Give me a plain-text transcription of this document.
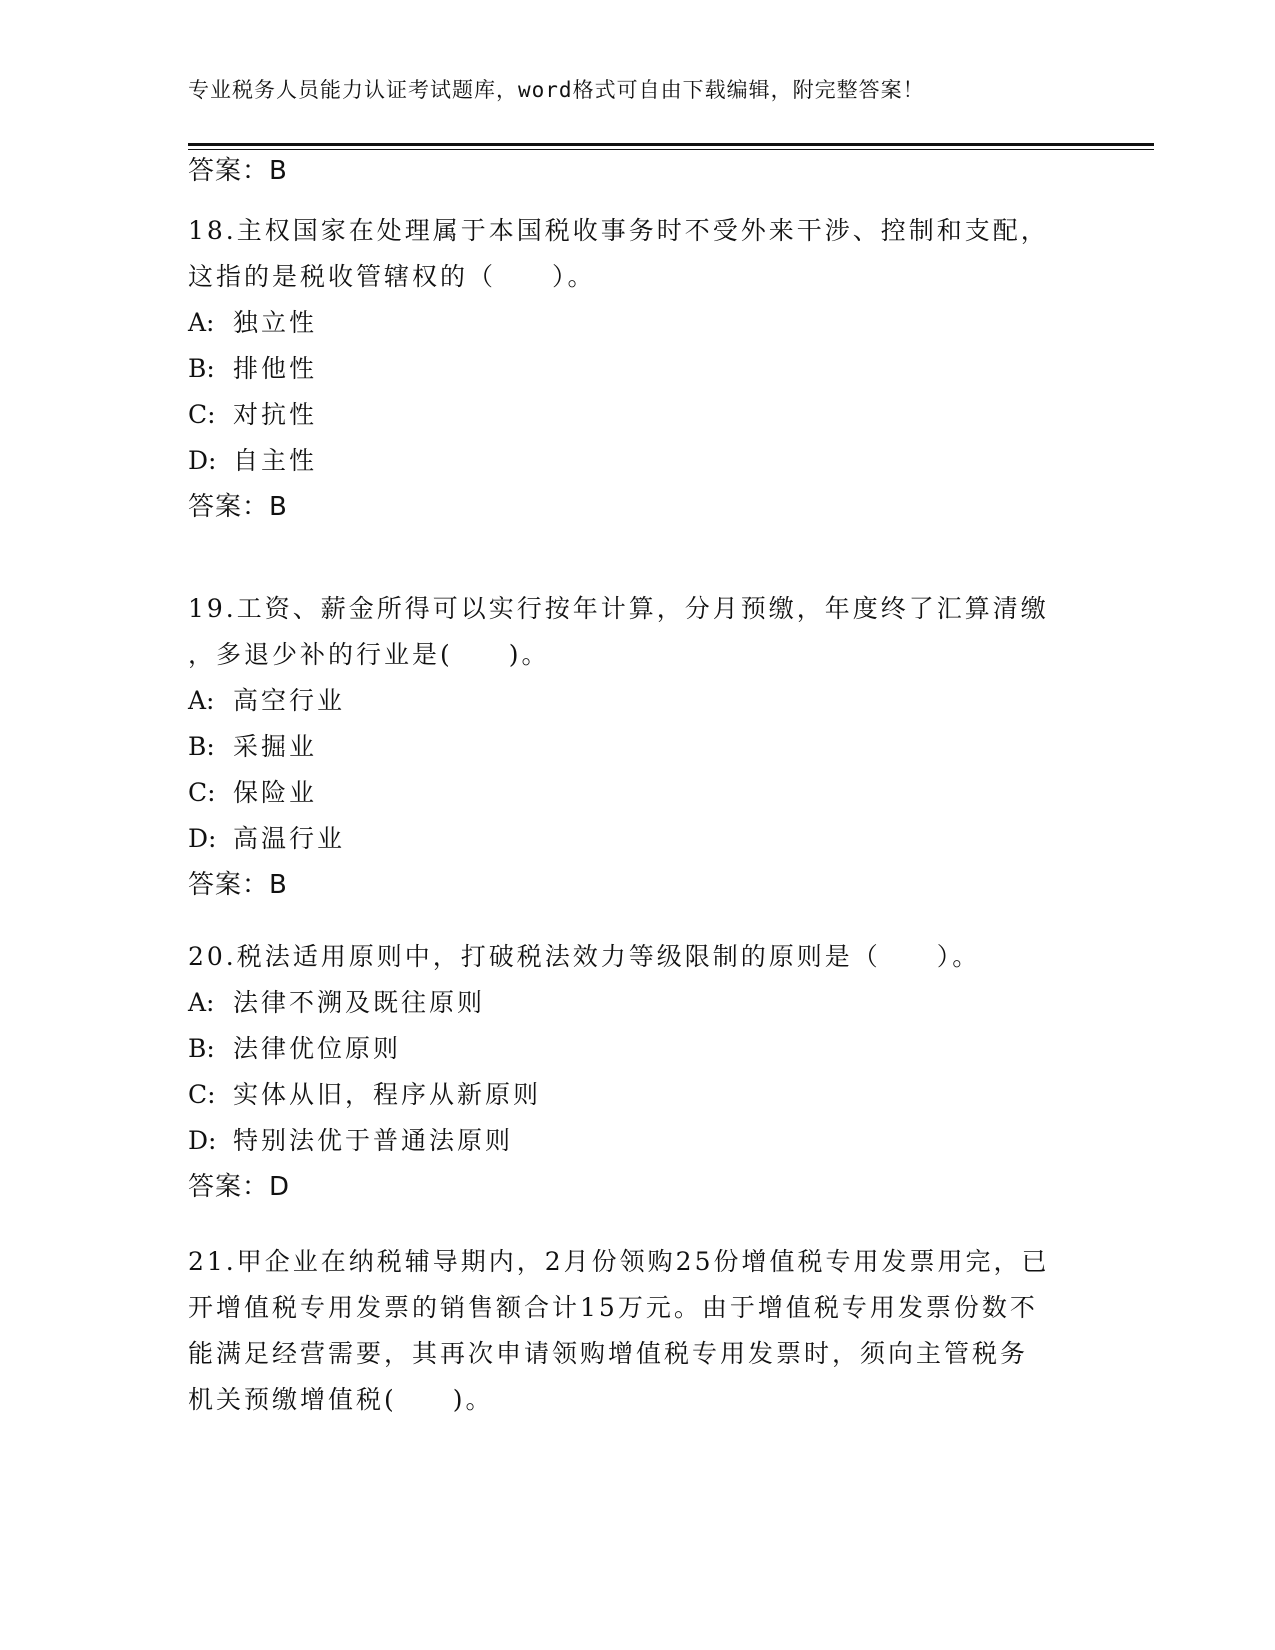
专业税务人员能力认证考试题库，word格式可自由下载编辑，附完整答案！
答案：B
18.主权国家在处理属于本国税收事务时不受外来干涉、控制和支配，
这指的是税收管辖权的（　　）。
A: 独立性
B: 排他性
C: 对抗性
D: 自主性
答案：B
19.工资、薪金所得可以实行按年计算，分月预缴，年度终了汇算清缴
，多退少补的行业是(　　)。
A: 高空行业
B: 采掘业
C: 保险业
D: 高温行业
答案：B
20.税法适用原则中，打破税法效力等级限制的原则是（　　）。
A: 法律不溯及既往原则
B: 法律优位原则
C: 实体从旧，程序从新原则
D: 特别法优于普通法原则
答案：D
21.甲企业在纳税辅导期内，2月份领购25份增值税专用发票用完，已
开增值税专用发票的销售额合计15万元。由于增值税专用发票份数不
能满足经营需要，其再次申请领购增值税专用发票时，须向主管税务
机关预缴增值税(　　)。
